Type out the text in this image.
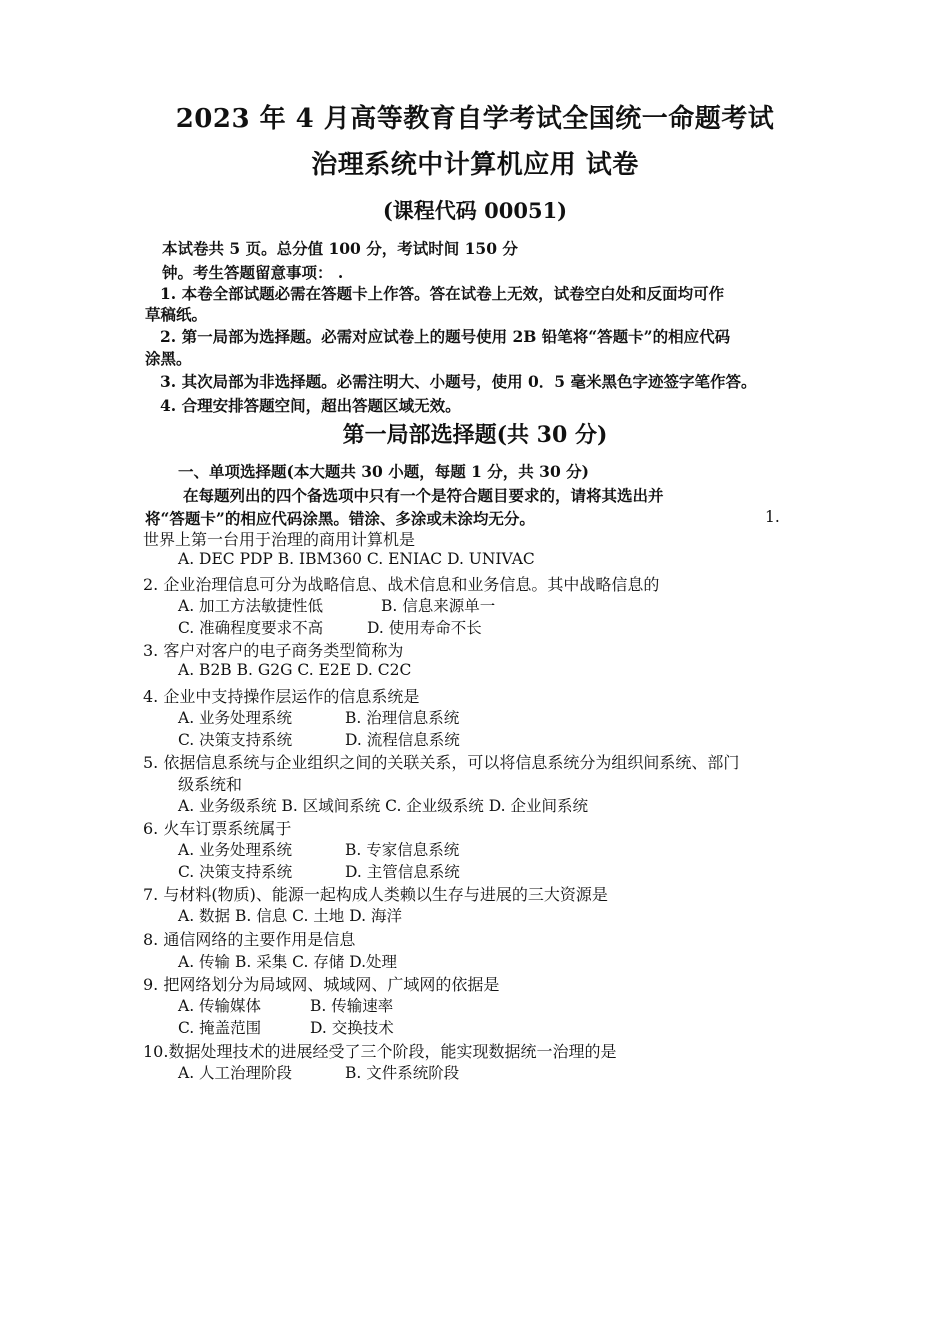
2023 年 4 月高等教育自学考试全国统一命题考试
治理系统中计算机应用 试卷
(课程代码 00051)
本试卷共 5 页。总分值 100 分，考试时间 150 分
钟。考生答题留意事项： .
1. 本卷全部试题必需在答题卡上作答。答在试卷上无效，试卷空白处和反面均可作
草稿纸。
2. 第一局部为选择题。必需对应试卷上的题号使用 2B 铅笔将“答题卡”的相应代码
涂黑。
3. 其次局部为非选择题。必需注明大、小题号，使用 0．5 毫米黑色字迹签字笔作答。
4. 合理安排答题空间，超出答题区域无效。
第一局部选择题(共 30 分)
一、单项选择题(本大题共 30 小题，每题 1 分，共 30 分)
在每题列出的四个备选项中只有一个是符合题目要求的，请将其选出并
将“答题卡”的相应代码涂黑。错涂、多涂或未涂均无分。	1.
世界上第一台用于治理的商用计算机是
A. DEC PDP B. IBM360 C. ENIAC D. UNIVAC
2. 企业治理信息可分为战略信息、战术信息和业务信息。其中战略信息的
A. 加工方法敏捷性低	B. 信息来源单一
C. 准确程度要求不高	D. 使用寿命不长
3. 客户对客户的电子商务类型简称为
A. B2B B. G2G C. E2E D. C2C
4. 企业中支持操作层运作的信息系统是
A. 业务处理系统	B. 治理信息系统
C. 决策支持系统	D. 流程信息系统
5. 依据信息系统与企业组织之间的关联关系，可以将信息系统分为组织间系统、部门
级系统和
A. 业务级系统 B. 区域间系统 C. 企业级系统 D. 企业间系统
6. 火车订票系统属于
A. 业务处理系统	B. 专家信息系统
C. 决策支持系统	D. 主管信息系统
7. 与材料(物质)、能源一起构成人类赖以生存与进展的三大资源是
A. 数据 B. 信息 C. 土地 D. 海洋
8. 通信网络的主要作用是信息
A. 传输 B. 采集 C. 存储 D.处理
9. 把网络划分为局域网、城域网、广域网的依据是
A. 传输媒体	B. 传输速率
C. 掩盖范围	D. 交换技术
10.数据处理技术的进展经受了三个阶段，能实现数据统一治理的是
A. 人工治理阶段	B. 文件系统阶段
